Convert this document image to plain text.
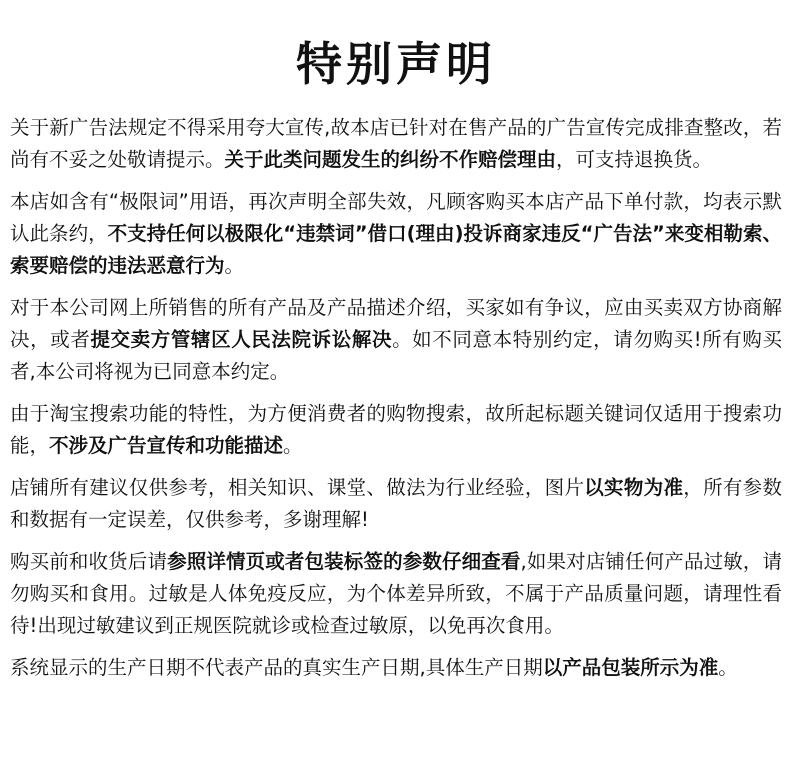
特别声明

关于新广告法规定不得采用夸大宣传,故本店已针对在售产品的广告宣传完成排查整改，若尚有不妥之处敬请提示。关于此类问题发生的纠纷不作赔偿理由，可支持退换货。

本店如含有“极限词”用语，再次声明全部失效，凡顾客购买本店产品下单付款，均表示默认此条约，不支持任何以极限化“违禁词”借口(理由)投诉商家违反“广告法”来变相勒索、索要赔偿的违法恶意行为。

对于本公司网上所销售的所有产品及产品描述介绍，买家如有争议，应由买卖双方协商解决，或者提交卖方管辖区人民法院诉讼解决。如不同意本特别约定，请勿购买!所有购买者,本公司将视为已同意本约定。

由于淘宝搜索功能的特性，为方便消费者的购物搜索，故所起标题关键词仅适用于搜索功能，不涉及广告宣传和功能描述。

店铺所有建议仅供参考，相关知识、课堂、做法为行业经验，图片以实物为准，所有参数和数据有一定误差，仅供参考，多谢理解!

购买前和收货后请参照详情页或者包装标签的参数仔细查看,如果对店铺任何产品过敏，请勿购买和食用。过敏是人体免疫反应，为个体差异所致，不属于产品质量问题，请理性看待!出现过敏建议到正规医院就诊或检查过敏原，以免再次食用。

系统显示的生产日期不代表产品的真实生产日期,具体生产日期以产品包装所示为准。
